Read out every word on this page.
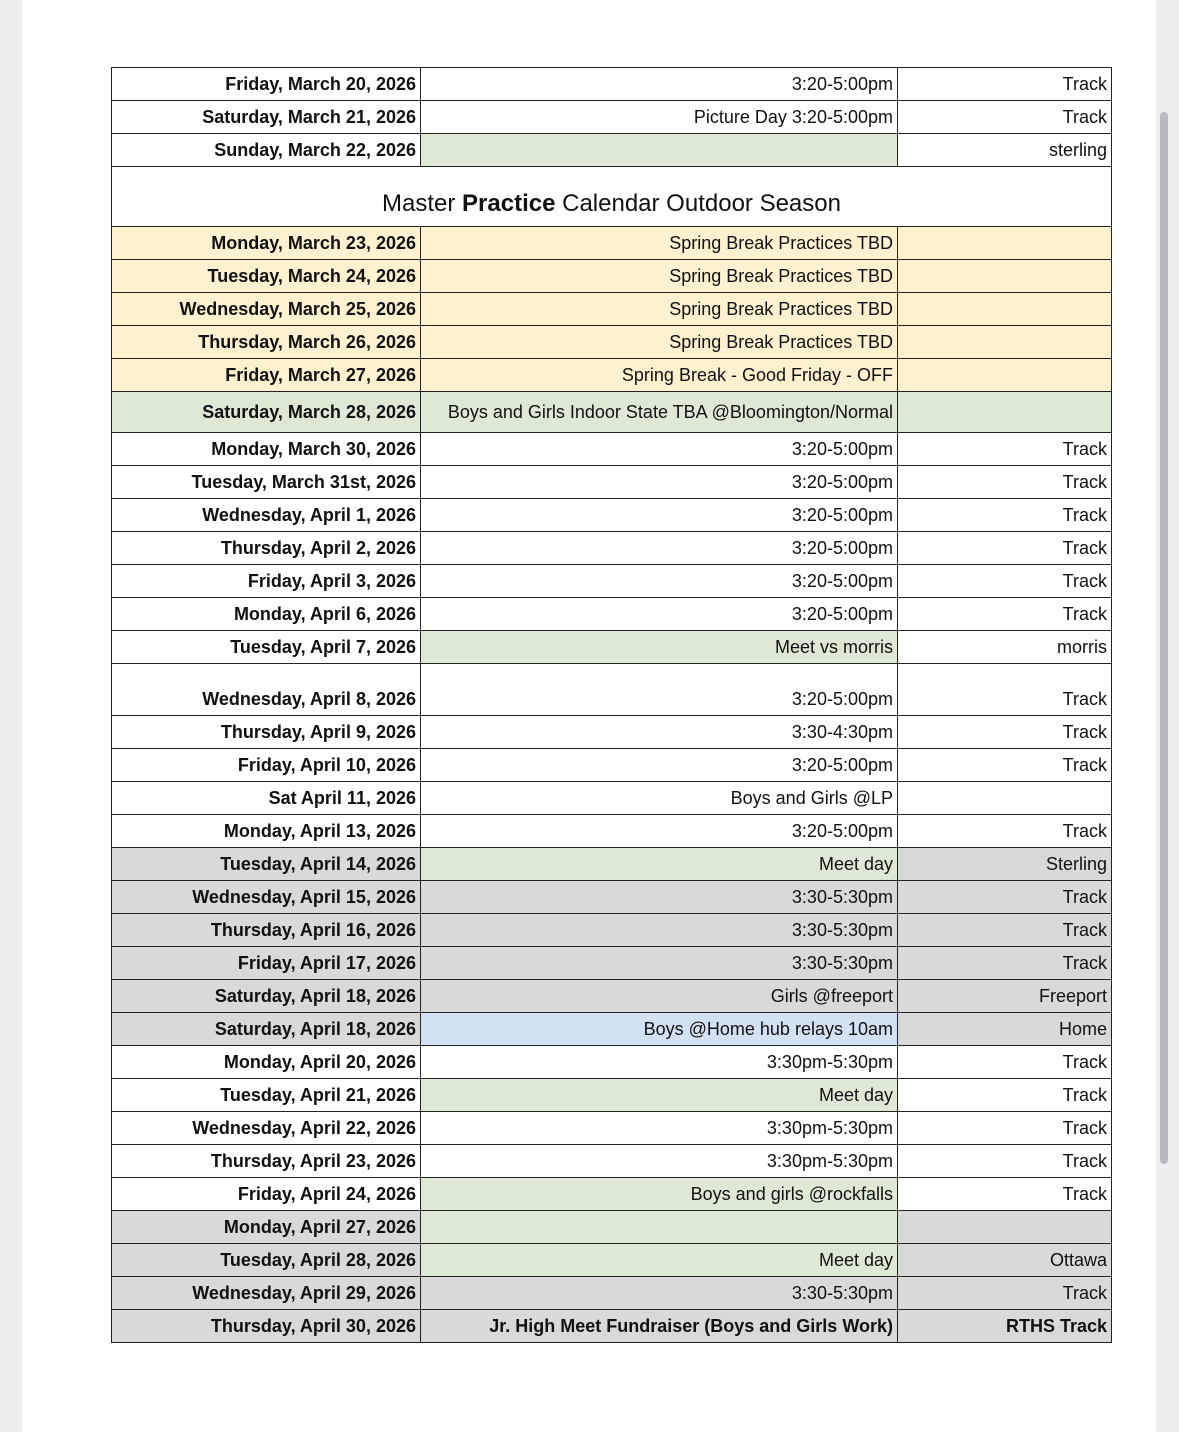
Friday, March 20, 2026	3:20-5:00pm	Track
Saturday, March 21, 2026	Picture Day 3:20-5:00pm	Track
Sunday, March 22, 2026		sterling
Master Practice Calendar Outdoor Season		
Monday, March 23, 2026	Spring Break Practices TBD	
Tuesday, March 24, 2026	Spring Break Practices TBD	
Wednesday, March 25, 2026	Spring Break Practices TBD	
Thursday, March 26, 2026	Spring Break Practices TBD	
Friday, March 27, 2026	Spring Break - Good Friday - OFF	
Saturday, March 28, 2026	Boys and Girls Indoor State TBA @Bloomington/Normal	
Monday, March 30, 2026	3:20-5:00pm	Track
Tuesday, March 31st, 2026	3:20-5:00pm	Track
Wednesday, April 1, 2026	3:20-5:00pm	Track
Thursday, April 2, 2026	3:20-5:00pm	Track
Friday, April 3, 2026	3:20-5:00pm	Track
Monday, April 6, 2026	3:20-5:00pm	Track
Tuesday, April 7, 2026	Meet vs morris	morris
Wednesday, April 8, 2026	3:20-5:00pm	Track
Thursday, April 9, 2026	3:30-4:30pm	Track
Friday, April 10, 2026	3:20-5:00pm	Track
Sat April 11, 2026	Boys and Girls @LP	
Monday, April 13, 2026	3:20-5:00pm	Track
Tuesday, April 14, 2026	Meet day	Sterling
Wednesday, April 15, 2026	3:30-5:30pm	Track
Thursday, April 16, 2026	3:30-5:30pm	Track
Friday, April 17, 2026	3:30-5:30pm	Track
Saturday, April 18, 2026	Girls @freeport	Freeport
Saturday, April 18, 2026	Boys @Home hub relays 10am	Home
Monday, April 20, 2026	3:30pm-5:30pm	Track
Tuesday, April 21, 2026	Meet day	Track
Wednesday, April 22, 2026	3:30pm-5:30pm	Track
Thursday, April 23, 2026	3:30pm-5:30pm	Track
Friday, April 24, 2026	Boys and girls @rockfalls	Track
Monday, April 27, 2026		
Tuesday, April 28, 2026	Meet day	Ottawa
Wednesday, April 29, 2026	3:30-5:30pm	Track
Thursday, April 30, 2026	Jr. High Meet Fundraiser (Boys and Girls Work)	RTHS Track
